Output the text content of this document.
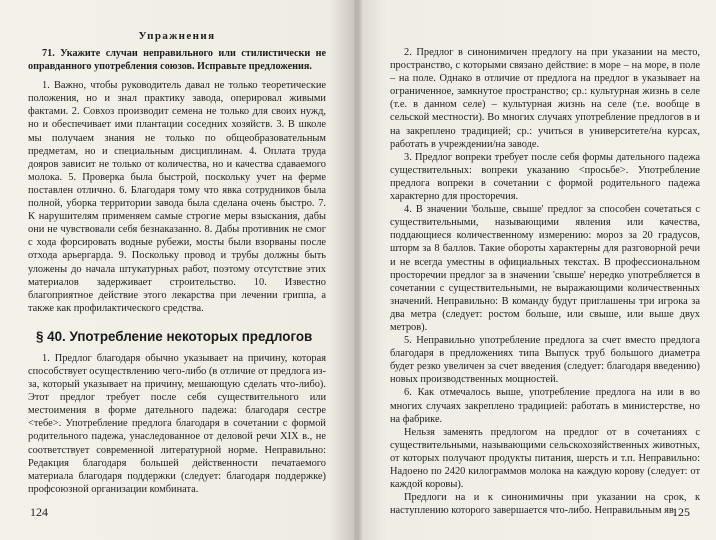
Упражнения

71. Укажите случаи неправильного или стилистически не оправданного употребления союзов. Исправьте предложения.

1. Важно, чтобы руководитель давал не только теоретические положения, но и знал практику завода, оперировал живыми фактами. 2. Совхоз производит семена не только для своих нужд, но и обеспечивает ими плантации соседних хозяйств. 3. В школе мы получаем знания не только по общеобразовательным предметам, но и специальным дисциплинам. 4. Оплата труда дояров зависит не только от количества, но и качества сдаваемого молока. 5. Проверка была быстрой, поскольку учет на ферме поставлен отлично. 6. Благодаря тому что явка сотрудников была полной, уборка территории завода была сделана очень быстро. 7. К нарушителям применяем самые строгие меры взыскания, дабы они не чувствовали себя безнаказанно. 8. Дабы противник не смог с хода форсировать водные рубежи, мосты были взорваны после отхода арьергарда. 9. Поскольку провод и трубы должны быть уложены до начала штукатурных работ, поэтому отсутствие этих материалов задерживает строительство. 10. Известно благоприятное действие этого лекарства при лечении гриппа, а также как профилактического средства.

§ 40. Употребление некоторых предлогов

1. Предлог благодаря обычно указывает на причину, которая способствует осуществлению чего-либо (в отличие от предлога из-за, который указывает на причину, мешающую сделать что-либо). Этот предлог требует после себя существительного или местоимения в форме дательного падежа: благодаря сестре <тебе>. Употребление предлога благодаря в сочетании с формой родительного падежа, унаследованное от деловой речи XIX в., не соответствует современной литературной норме. Неправильно: Редакция благодаря большей действенности печатаемого материала благодаря поддержки (следует: благодаря поддержке) профсоюзной организации комбината.

124

2. Предлог в синонимичен предлогу на при указании на место, пространство, с которыми связано действие: в море – на море, в поле – на поле. Однако в отличие от предлога на предлог в указывает на ограниченное, замкнутое пространство; ср.: культурная жизнь в селе (т.е. в данном селе) – культурная жизнь на селе (т.е. вообще в сельской местности). Во многих случаях употребление предлогов в и на закреплено традицией; ср.: учиться в университете/на курсах, работать в учреждении/на заводе.

3. Предлог вопреки требует после себя формы дательного падежа существительных: вопреки указанию <просьбе>. Употребление предлога вопреки в сочетании с формой родительного падежа характерно для просторечия.

4. В значении 'больше, свыше' предлог за способен сочетаться с существительными, называющими явления или качества, поддающиеся количественному измерению: мороз за 20 градусов, шторм за 8 баллов. Такие обороты характерны для разговорной речи и не всегда уместны в официальных текстах. В профессиональном просторечии предлог за в значении 'свыше' нередко употребляется в сочетании с существительными, не выражающими количественных значений. Неправильно: В команду будут приглашены три игрока за два метра (следует: ростом больше, или свыше, или выше двух метров).

5. Неправильно употребление предлога за счет вместо предлога благодаря в предложениях типа Выпуск труб большого диаметра будет резко увеличен за счет введения (следует: благодаря введению) новых производственных мощностей.

6. Как отмечалось выше, употребление предлога на или в во многих случаях закреплено традицией: работать в министерстве, но на фабрике.

Нельзя заменять предлогом на предлог от в сочетаниях с существительными, называющими сельскохозяйственных животных, от которых получают продукты питания, шерсть и т.п. Неправильно: Надоено по 2420 килограммов молока на каждую корову (следует: от каждой коровы).

Предлоги на и к синонимичны при указании на срок, к наступлению которого завершается что-либо. Неправильным яв

125
